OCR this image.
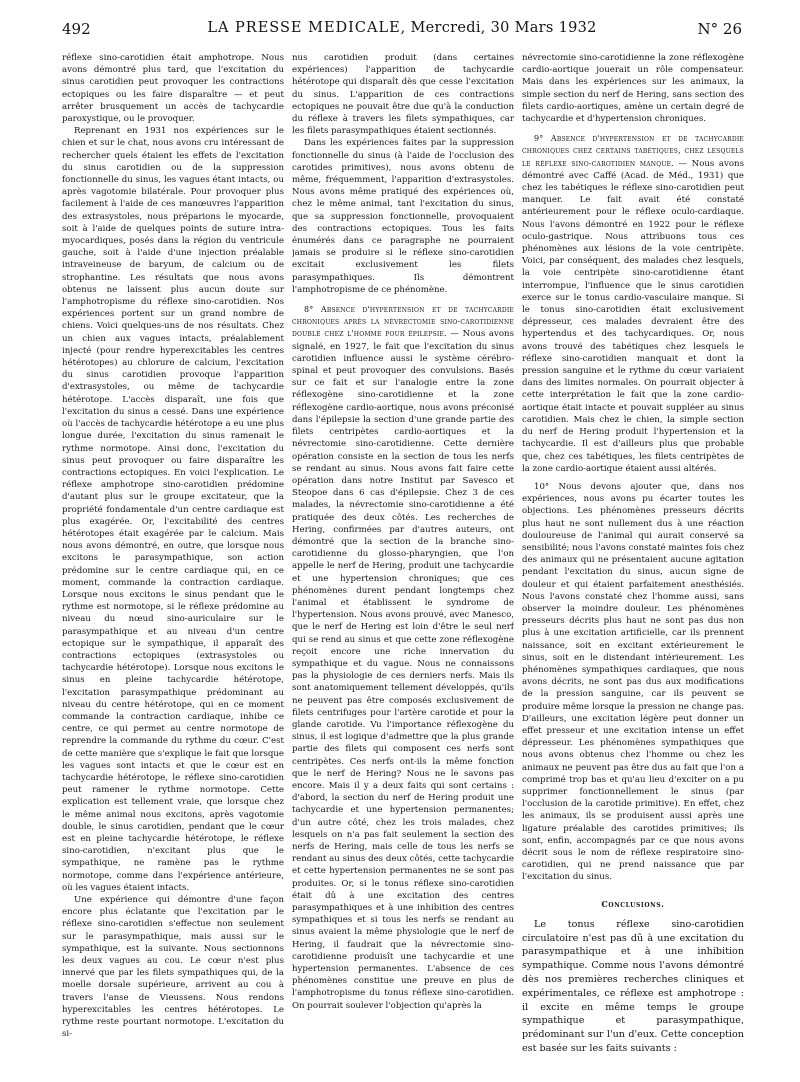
492	LA PRESSE MEDICALE, Mercredi, 30 Mars 1932	N° 26

réflexe sino-carotidien était amphotrope. Nous avons démontré plus tard, que l'excitation du sinus carotidien peut provoquer les contractions ectopiques ou les faire disparaître — et peut arrêter brusquement un accès de tachycardie paroxystique, ou le provoquer.

Reprenant en 1931 nos expériences sur le chien et sur le chat, nous avons cru intéressant de rechercher quels étaient les effets de l'excitation du sinus carotidien ou de la suppression fonctionnelle du sinus, les vagues étant intacts, ou après vagotomie bilatérale. Pour provoquer plus facilement à l'aide de ces manœuvres l'apparition des extrasystoles, nous préparions le myocarde, soit à l'aide de quelques points de suture intra-myocardiques, posés dans la région du ventricule gauche, soit à l'aide d'une injection préalable intraveineuse de baryum, de calcium ou de strophantine. Les résultats que nous avons obtenus ne laissent plus aucun doute sur l'amphotropisme du réflexe sino-carotidien. Nos expériences portent sur un grand nombre de chiens. Voici quelques-uns de nos résultats. Chez un chien aux vagues intacts, préalablement injecté (pour rendre hyperexcitables les centres hétérotopes) au chlorure de calcium, l'excitation du sinus carotidien provoque l'apparition d'extrasystoles, ou même de tachycardie hétérotope. L'accès disparaît, une fois que l'excitation du sinus a cessé. Dans une expérience où l'accès de tachycardie hétérotope a eu une plus longue durée, l'excitation du sinus ramenait le rythme normotope. Ainsi donc, l'excitation du sinus peut provoquer ou faire disparaître les contractions ectopiques. En voici l'explication. Le réflexe amphotrope sino-carotidien prédomine d'autant plus sur le groupe excitateur, que la propriété fondamentale d'un centre cardiaque est plus exagérée. Or, l'excitabilité des centres hétérotopes était exagérée par le calcium. Mais nous avons démontré, en outre, que lorsque nous excitons le parasympathique, son action prédomine sur le centre cardiaque qui, en ce moment, commande la contraction cardiaque. Lorsque nous excitons le sinus pendant que le rythme est normotope, si le réflexe prédomine au niveau du nœud sino-auriculaire sur le parasympathique et au niveau d'un centre ectopique sur le sympathique, il apparaît des contractions ectopiques (extrasystoles ou tachycardie hétérotope). Lorsque nous excitons le sinus en pleine tachycardie hétérotope, l'excitation parasympathique prédominant au niveau du centre hétérotope, qui en ce moment commande la contraction cardiaque, inhibe ce centre, ce qui permet au centre normotope de reprendre la commande du rythme du cœur. C'est de cette manière que s'explique le fait que lorsque les vagues sont intacts et que le cœur est en tachycardie hétérotope, le réflexe sino-carotidien peut ramener le rythme normotope. Cette explication est tellement vraie, que lorsque chez le même animal nous excitons, après vagotomie double, le sinus carotidien, pendant que le cœur est en pleine tachycardie hétérotope, le réflexe sino-carotidien, n'excitant plus que le sympathique, ne ramène pas le rythme normotope, comme dans l'expérience antérieure, où les vagues étaient intacts.

Une expérience qui démontre d'une façon encore plus éclatante que l'excitation par le réflexe sino-carotidien s'effectue non seulement sur le parasympathique, mais aussi sur le sympathique, est la suivante. Nous sectionnons les deux vagues au cou. Le cœur n'est plus innervé que par les filets sympathiques qui, de la moelle dorsale supérieure, arrivent au cou à travers l'anse de Vieussens. Nous rendons hyperexcitables les centres hétérotopes. Le rythme reste pourtant normotope. L'excitation du si-

nus carotidien produit (dans certaines expériences) l'apparition de tachycardie hétérotope qui disparaît dès que cesse l'excitation du sinus. L'apparition de ces contractions ectopiques ne pouvait être due qu'à la conduction du réflexe à travers les filets sympathiques, car les filets parasympathiques étaient sectionnés.

Dans les expériences faites par la suppression fonctionnelle du sinus (à l'aide de l'occlusion des carotides primitives), nous avons obtenu de même, fréquemment, l'apparition d'extrasystoles. Nous avons même pratiqué des expériences où, chez le même animal, tant l'excitation du sinus, que sa suppression fonctionnelle, provoquaient des contractions ectopiques. Tous les faits énumérés dans ce paragraphe ne pourraient jamais se produire si le réflexe sino-carotidien excitait exclusivement les filets parasympathiques. Ils démontrent l'amphotropisme de ce phénomène.

8° Absence d'hypertension et de tachycardie chroniques après la névrectomie sino-carotidienne double chez l'homme pour épilepsie. — Nous avons signalé, en 1927, le fait que l'excitation du sinus carotidien influence aussi le système cérébro-spinal et peut provoquer des convulsions. Basés sur ce fait et sur l'analogie entre la zone réflexogène sino-carotidienne et la zone réflexogène cardio-aortique, nous avons préconisé dans l'épilepsie la section d'une grande partie des filets centripètes cardio-aortiques et la névrectomie sino-carotidienne. Cette dernière opération consiste en la section de tous les nerfs se rendant au sinus. Nous avons fait faire cette opération dans notre Institut par Savesco et Steopoe dans 6 cas d'épilepsie. Chez 3 de ces malades, la névrectomie sino-carotidienne a été pratiquée des deux côtés. Les recherches de Hering, confirmées par d'autres auteurs, ont démontré que la section de la branche sino-carotidienne du glosso-pharyngien, que l'on appelle le nerf de Hering, produit une tachycardie et une hypertension chroniques; que ces phénomènes durent pendant longtemps chez l'animal et établissent le syndrome de l'hypertension. Nous avons prouvé, avec Manesco, que le nerf de Hering est loin d'être le seul nerf qui se rend au sinus et que cette zone réflexogène reçoit encore une riche innervation du sympathique et du vague. Nous ne connaissons pas la physiologie de ces derniers nerfs. Mais ils sont anatomiquement tellement développés, qu'ils ne peuvent pas être composés exclusivement de filets centrifuges pour l'artère carotide et pour la glande carotide. Vu l'importance réflexogène du sinus, il est logique d'admettre que la plus grande partie des filets qui composent ces nerfs sont centripètes. Ces nerfs ont-ils la même fonction que le nerf de Hering? Nous ne le savons pas encore. Mais il y a deux faits qui sont certains : d'abord, la section du nerf de Hering produit une tachycardie et une hypertension permanentes; d'un autre côté, chez les trois malades, chez lesquels on n'a pas fait seulement la section des nerfs de Hering, mais celle de tous les nerfs se rendant au sinus des deux côtés, cette tachycardie et cette hypertension permanentes ne se sont pas produites. Or, si le tonus réflexe sino-carotidien était dû à une excitation des centres parasympathiques et à une inhibition des centres sympathiques et si tous les nerfs se rendant au sinus avaient la même physiologie que le nerf de Hering, il faudrait que la névrectomie sino-carotidienne produisît une tachycardie et une hypertension permanentes. L'absence de ces phénomènes constitue une preuve en plus de l'amphotropisme du tonus réflexe sino-carotidien. On pourrait soulever l'objection qu'après la

névrectomie sino-carotidienne la zone réflexogène cardio-aortique jouerait un rôle compensateur. Mais dans les expériences sur les animaux, la simple section du nerf de Hering, sans section des filets cardio-aortiques, amène un certain degré de tachycardie et d'hypertension chroniques.

9° Absence d'hypertension et de tachycardie chroniques chez certains tabétiques, chez lesquels le réflexe sino-carotidien manque. — Nous avons démontré avec Caffé (Acad. de Méd., 1931) que chez les tabétiques le réflexe sino-carotidien peut manquer. Le fait avait été constaté antérieurement pour le réflexe oculo-cardiaque. Nous l'avons démontré en 1922 pour le réflexe oculo-gastrique. Nous attribuons tous ces phénomènes aux lésions de la voie centripète. Voici, par conséquent, des malades chez lesquels, la voie centripète sino-carotidienne étant interrompue, l'influence que le sinus carotidien exerce sur le tonus cardio-vasculaire manque. Si le tonus sino-carotidien était exclusivement dépresseur, ces malades devraient être des hypertendus et des tachycardiques. Or, nous avons trouvé des tabétiques chez lesquels le réflexe sino-carotidien manquait et dont la pression sanguine et le rythme du cœur variaient dans des limites normales. On pourrait objecter à cette interprétation le fait que la zone cardio-aortique était intacte et pouvait suppléer au sinus carotidien. Mais chez le chien, la simple section du nerf de Hering produit l'hypertension et la tachycardie. Il est d'ailleurs plus que probable que, chez ces tabétiques, les filets centripètes de la zone cardio-aortique étaient aussi altérés.

10° Nous devons ajouter que, dans nos expériences, nous avons pu écarter toutes les objections. Les phénomènes presseurs décrits plus haut ne sont nullement dus à une réaction douloureuse de l'animal qui aurait conservé sa sensibilité; nous l'avons constaté maintes fois chez des animaux qui ne présentaient aucune agitation pendant l'excitation du sinus, aucun signe de douleur et qui étaient parfaitement anesthésiés. Nous l'avons constaté chez l'homme aussi, sans observer la moindre douleur. Les phénomènes presseurs décrits plus haut ne sont pas dus non plus à une excitation artificielle, car ils prennent naissance, soit en excitant extérieurement le sinus, soit en le distendant intérieurement. Les phénomènes sympathiques cardiaques, que nous avons décrits, ne sont pas dus aux modifications de la pression sanguine, car ils peuvent se produire même lorsque la pression ne change pas. D'ailleurs, une excitation légère peut donner un effet presseur et une excitation intense un effet dépresseur. Les phénomènes sympathiques que nous avons obtenus chez l'homme ou chez les animaux ne peuvent pas être dus au fait que l'on a comprimé trop bas et qu'au lieu d'exciter on a pu supprimer fonctionnellement le sinus (par l'occlusion de la carotide primitive). En effet, chez les animaux, ils se produisent aussi après une ligature préalable des carotides primitives; ils sont, enfin, accompagnés par ce que nous avons décrit sous le nom de réflexe respiratoire sino-carotidien, qui ne prend naissance que par l'excitation du sinus.

Conclusions.

Le tonus réflexe sino-carotidien circulatoire n'est pas dû à une excitation du parasympathique et à une inhibition sympathique. Comme nous l'avons démontré dès nos premières recherches cliniques et expérimentales, ce réflexe est amphotrope : il excite en même temps le groupe sympathique et parasympathique, prédominant sur l'un d'eux. Cette conception est basée sur les faits suivants :
